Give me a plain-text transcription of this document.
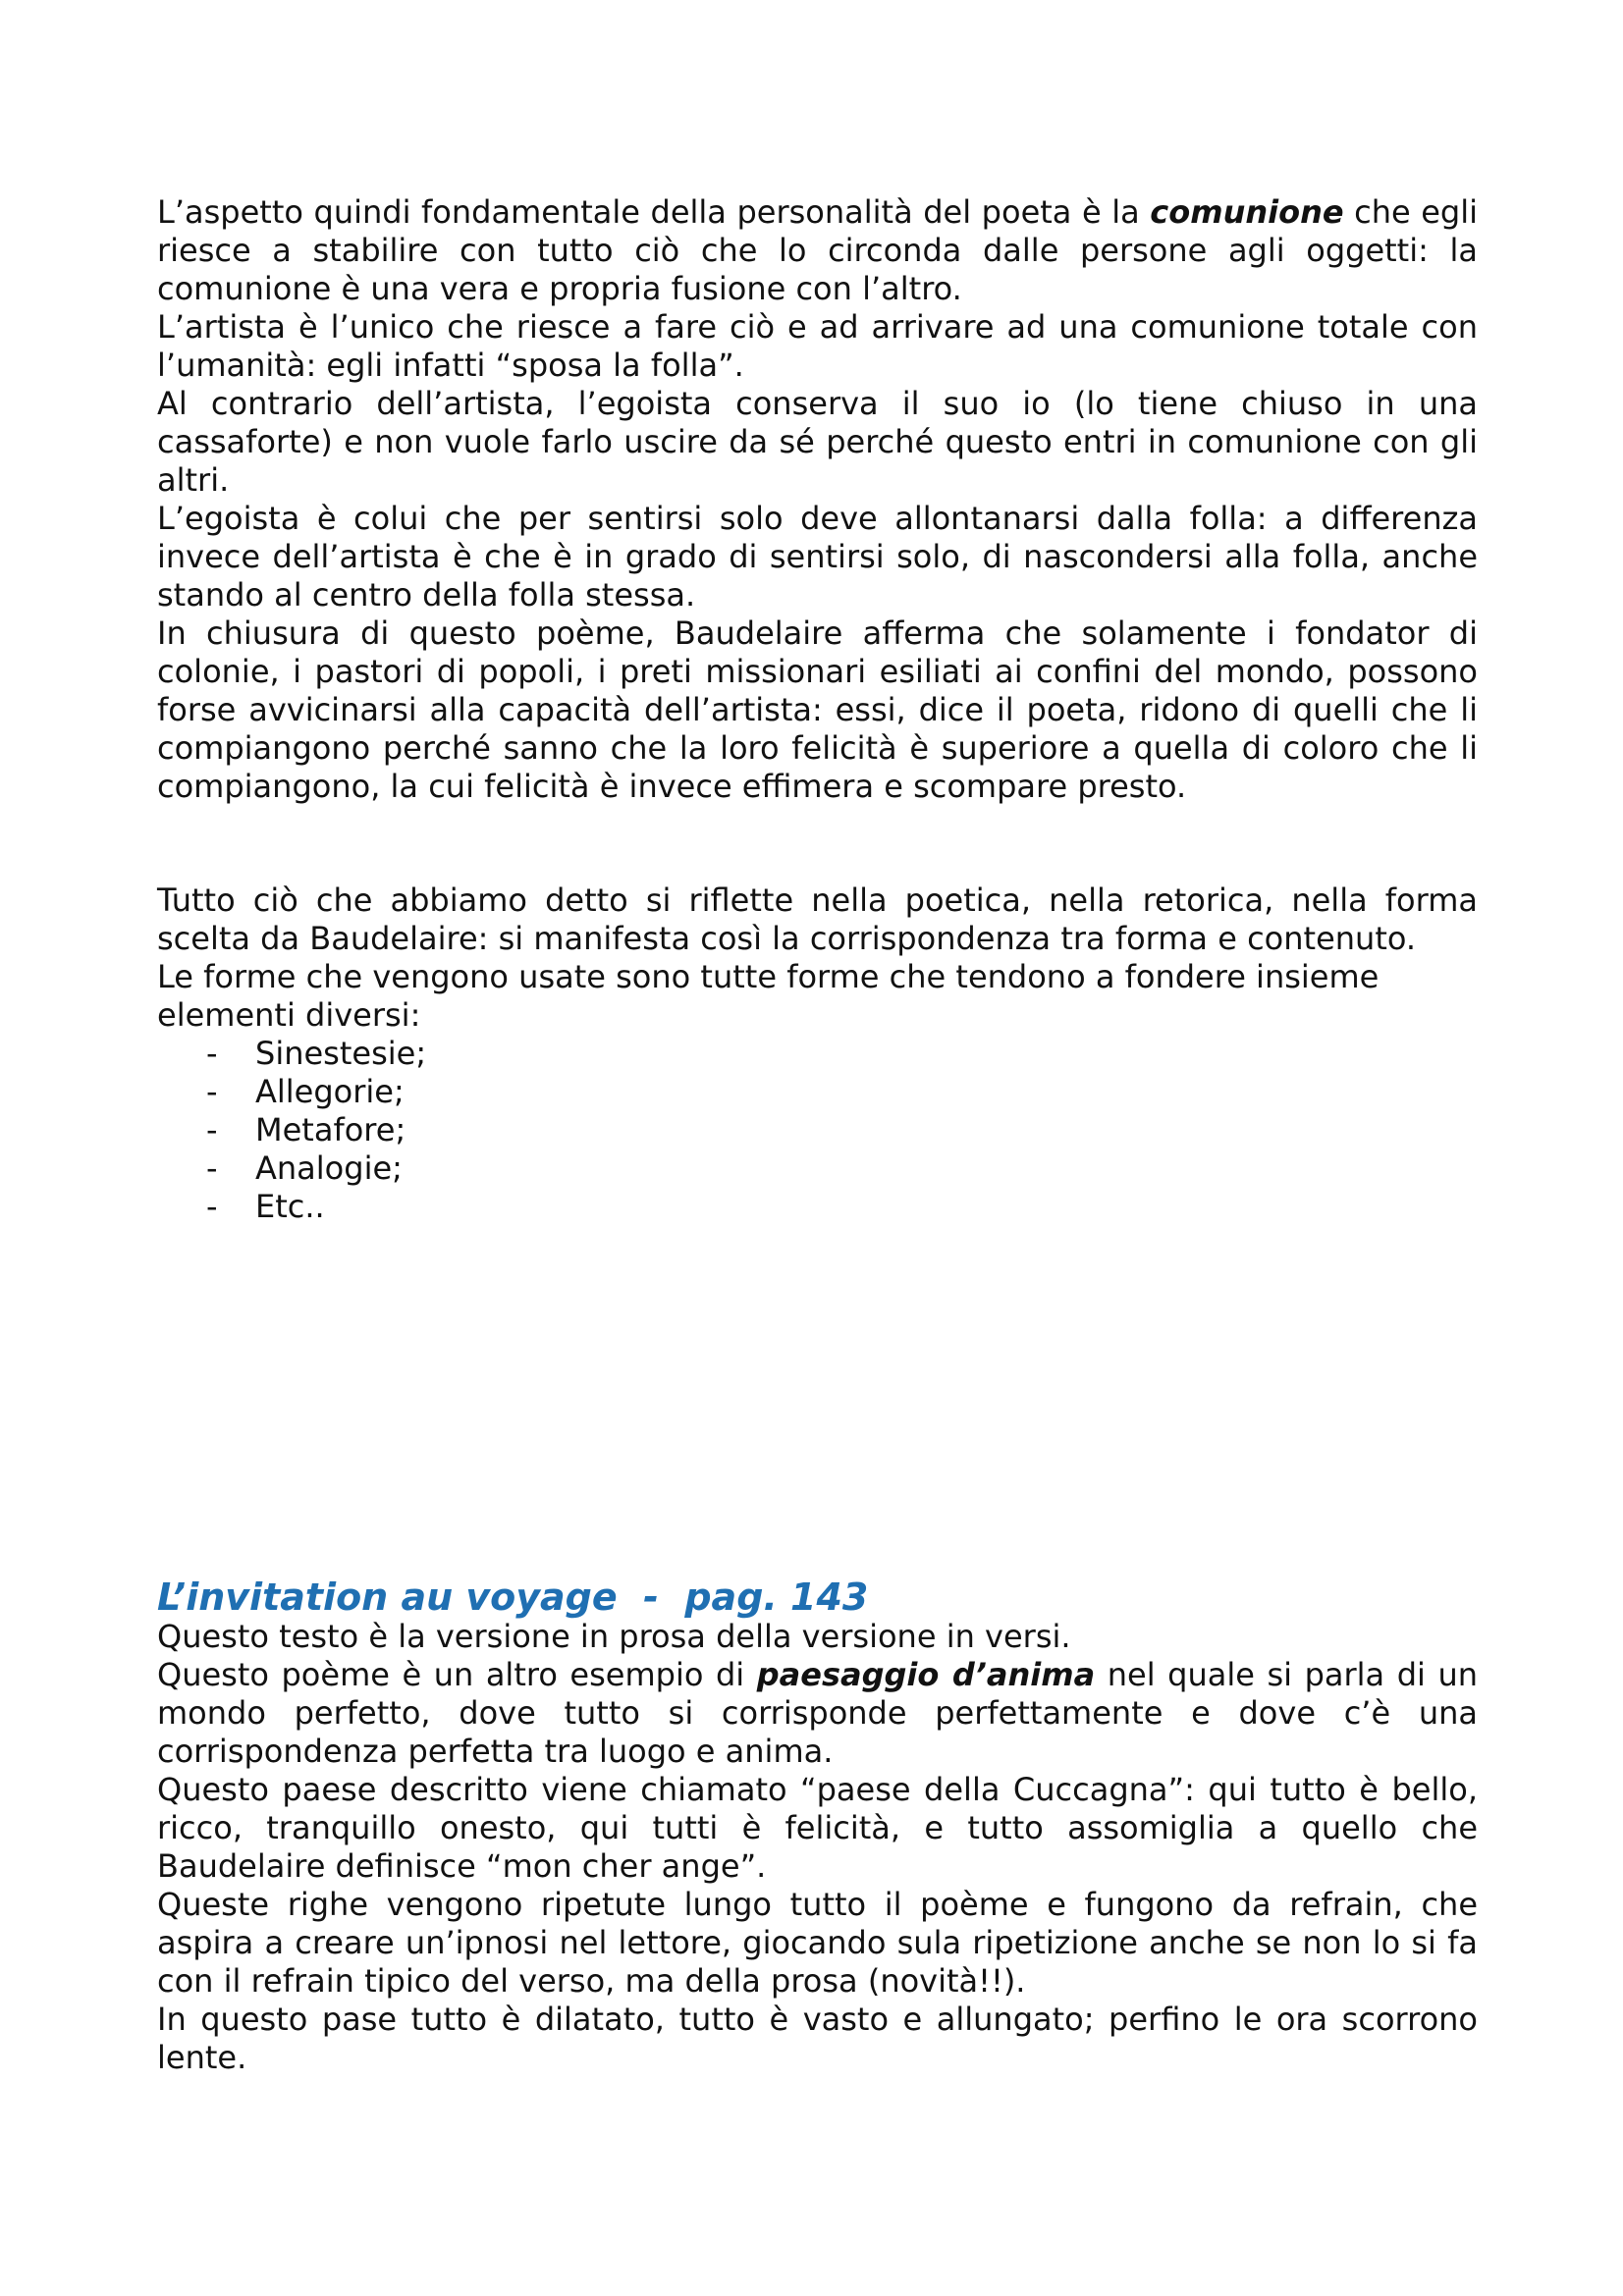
L’aspetto quindi fondamentale della personalità del poeta è la comunione che egli riesce a stabilire con tutto ciò che lo circonda dalle persone agli oggetti: la comunione è una vera e propria fusione con l’altro.

L’artista è l’unico che riesce a fare ciò e ad arrivare ad una comunione totale con l’umanità: egli infatti “sposa la folla”.

Al contrario dell’artista, l’egoista conserva il suo io (lo tiene chiuso in una cassaforte) e non vuole farlo uscire da sé perché questo entri in comunione con gli altri.

L’egoista è colui che per sentirsi solo deve allontanarsi dalla folla: a differenza invece dell’artista è che è in grado di sentirsi solo, di nascondersi alla folla, anche stando al centro della folla stessa.

In chiusura di questo poème, Baudelaire afferma che solamente i fondator di colonie, i pastori di popoli, i preti missionari esiliati ai confini del mondo, possono forse avvicinarsi alla capacità dell’artista: essi, dice il poeta, ridono di quelli che li compiangono perché sanno che la loro felicità è superiore a quella di coloro che li compiangono, la cui felicità è invece effimera e scompare presto.

Tutto ciò che abbiamo detto si riflette nella poetica, nella retorica, nella forma scelta da Baudelaire: si manifesta così la corrispondenza tra forma e contenuto.

Le forme che vengono usate sono tutte forme che tendono a fondere insieme elementi diversi:

- Sinestesie;
- Allegorie;
- Metafore;
- Analogie;
- Etc..
L’invitation au voyage  -  pag. 143

Questo testo è la versione in prosa della versione in versi.

Questo poème è un altro esempio di paesaggio d’anima nel quale si parla di un mondo perfetto, dove tutto si corrisponde perfettamente e dove c’è una corrispondenza perfetta tra luogo e anima.

Questo paese descritto viene chiamato “paese della Cuccagna”: qui tutto è bello, ricco, tranquillo onesto, qui tutti è felicità, e tutto assomiglia a quello che Baudelaire definisce “mon cher ange”.

Queste righe vengono ripetute lungo tutto il poème e fungono da refrain, che aspira a creare un’ipnosi nel lettore, giocando sula ripetizione anche se non lo si fa con il refrain tipico del verso, ma della prosa (novità!!).

In questo pase tutto è dilatato, tutto è vasto e allungato; perfino le ora scorrono lente.
